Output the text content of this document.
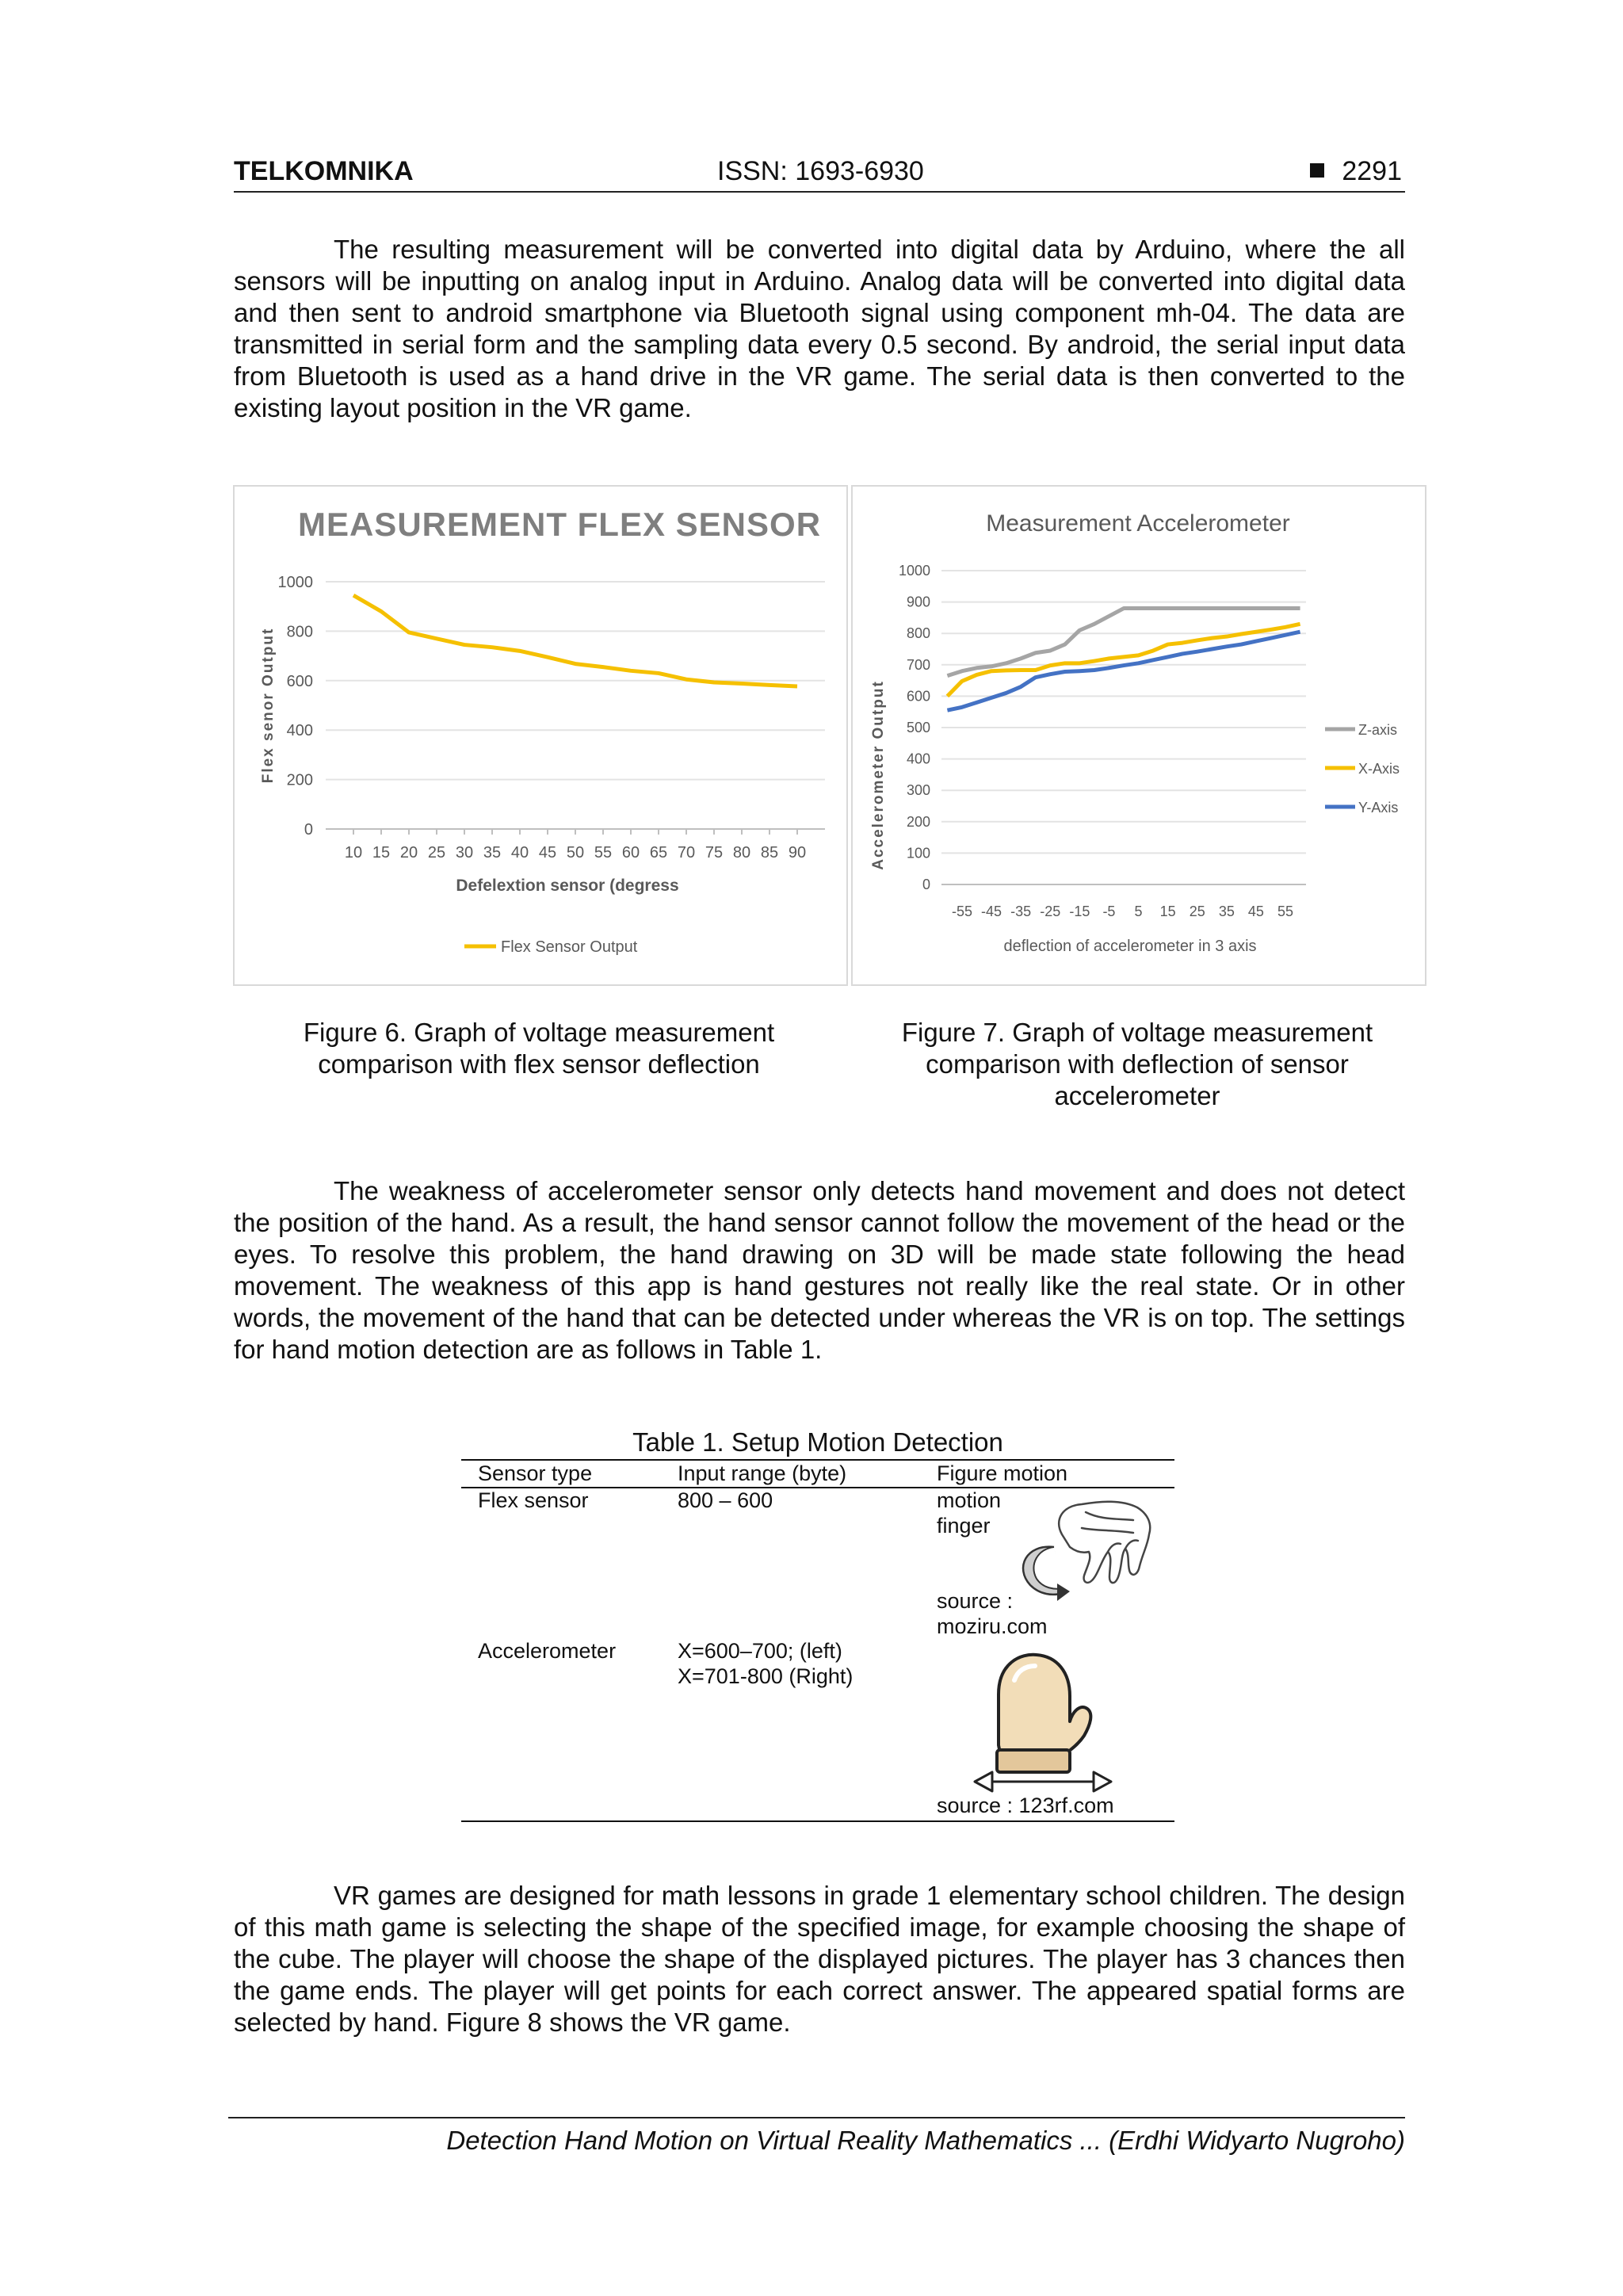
TELKOMNIKA	ISSN: 1693-6930	2291

The resulting measurement will be converted into digital data by Arduino, where the all sensors will be inputting on analog input in Arduino. Analog data will be converted into digital data and then sent to android smartphone via Bluetooth signal using component mh-04. The data are transmitted in serial form and the sampling data every 0.5 second. By android, the serial input data from Bluetooth is used as a hand drive in the VR game. The serial data is then converted to the existing layout position in the VR game.

MEASUREMENT FLEX SENSOR
0
200
400
600
800
1000
10 15 20 25 30 35 40 45 50 55 60 65 70 75 80 85 90
Defelextion sensor (degress
Flex senor Output
Flex Sensor Output
Measurement Accelerometer
0
100
200
300
400
500
600
700
800
900
1000
-55 -45 -35 -25 -15 -5 5 15 25 35 45 55
deflection of accelerometer in 3 axis
Accelerometer Output	Z-axis
X-Axis
Y-Axis
Figure 6. Graph of voltage measurement comparison with flex sensor deflection
Figure 7. Graph of voltage measurement comparison with deflection of sensor accelerometer

The weakness of accelerometer sensor only detects hand movement and does not detect the position of the hand. As a result, the hand sensor cannot follow the movement of the head or the eyes. To resolve this problem, the hand drawing on 3D will be made state following the head movement. The weakness of this app is hand gestures not really like the real state. Or in other words, the movement of the hand that can be detected under whereas the VR is on top. The settings for hand motion detection are as follows in Table 1.

Table 1. Setup Motion Detection
Sensor type	Input range (byte)	Figure motion
Flex sensor	800 – 600	motion
finger
source :
moziru.com
Accelerometer	X=600–700; (left)
X=701-800 (Right)
source : 123rf.com

VR games are designed for math lessons in grade 1 elementary school children. The design of this math game is selecting the shape of the specified image, for example choosing the shape of the cube. The player will choose the shape of the displayed pictures. The player has 3 chances then the game ends. The player will get points for each correct answer. The appeared spatial forms are selected by hand. Figure 8 shows the VR game.

Detection Hand Motion on Virtual Reality Mathematics ... (Erdhi Widyarto Nugroho)
